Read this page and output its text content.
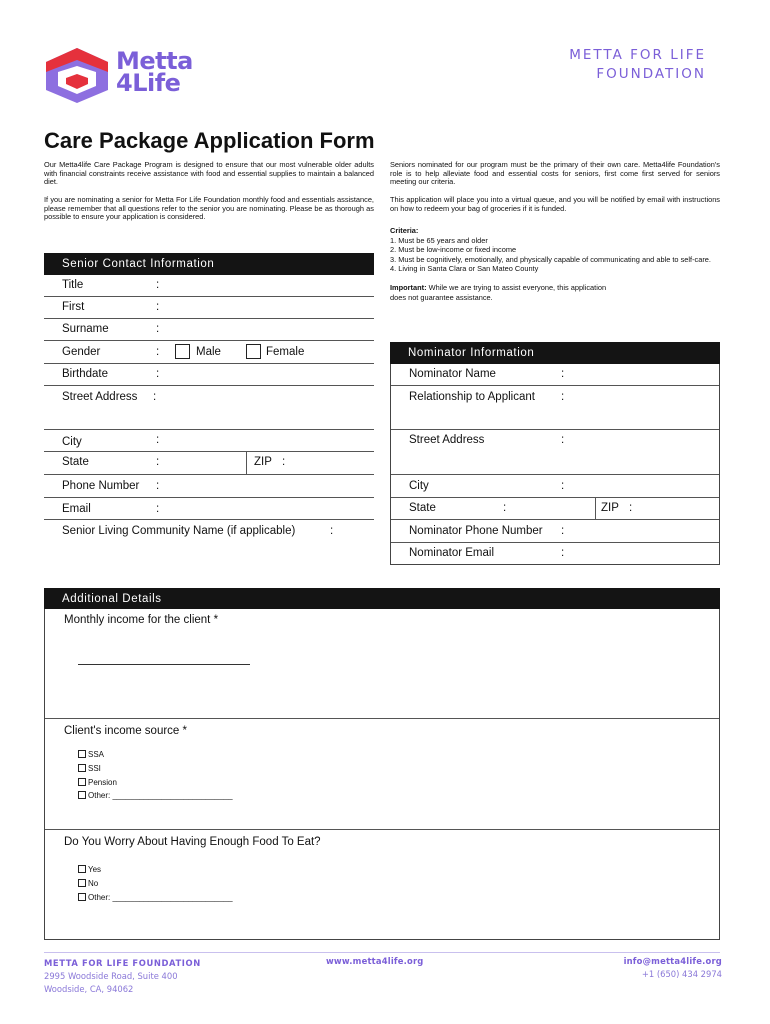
Metta
4Life
METTA FOR LIFE
FOUNDATION
Care Package Application Form
Our Metta4life Care Package Program is designed to ensure that our most vulnerable older adults with financial constraints receive assistance with food and essential supplies to maintain a balanced diet.
If you are nominating a senior for Metta For Life Foundation monthly food and essentials assistance, please remember that all questions refer to the senior you are nominating. Please be as thorough as possible to ensure your application is considered.
Seniors nominated for our program must be the primary of their own care. Metta4life Foundation's role is to help alleviate food and essential costs for seniors, first come first served for seniors meeting our criteria.
This application will place you into a virtual queue, and you will be notified by email with instructions on how to redeem your bag of groceries if it is funded.
Criteria:
1. Must be 65 years and older
2. Must be low-income or fixed income
3. Must be cognitively, emotionally, and physically capable of communicating and able to self-care.
4. Living in Santa Clara or San Mateo County
Important: While we are trying to assist everyone, this application does not guarantee assistance.
Senior Contact Information
Title	:
First	:
Surname	:
Gender	:	Male	Female
Birthdate	:
Street Address :
City	:
State	:	ZIP :
Phone Number :
Email	:
Senior Living Community Name (if applicable)	:
Nominator Information
Nominator Name	:
Relationship to Applicant :
Street Address	:
City	:
State	:	ZIP :
Nominator Phone Number :
Nominator Email	:
Additional Details
Monthly income for the client *
Client's income source *
SSA
SSI
Pension
Other: ___________________________
Do You Worry About Having Enough Food To Eat?
Yes
No
Other: ___________________________
METTA FOR LIFE FOUNDATION
2995 Woodside Road, Suite 400
Woodside, CA, 94062
www.metta4life.org	info@metta4life.org
+1 (650) 434 2974
